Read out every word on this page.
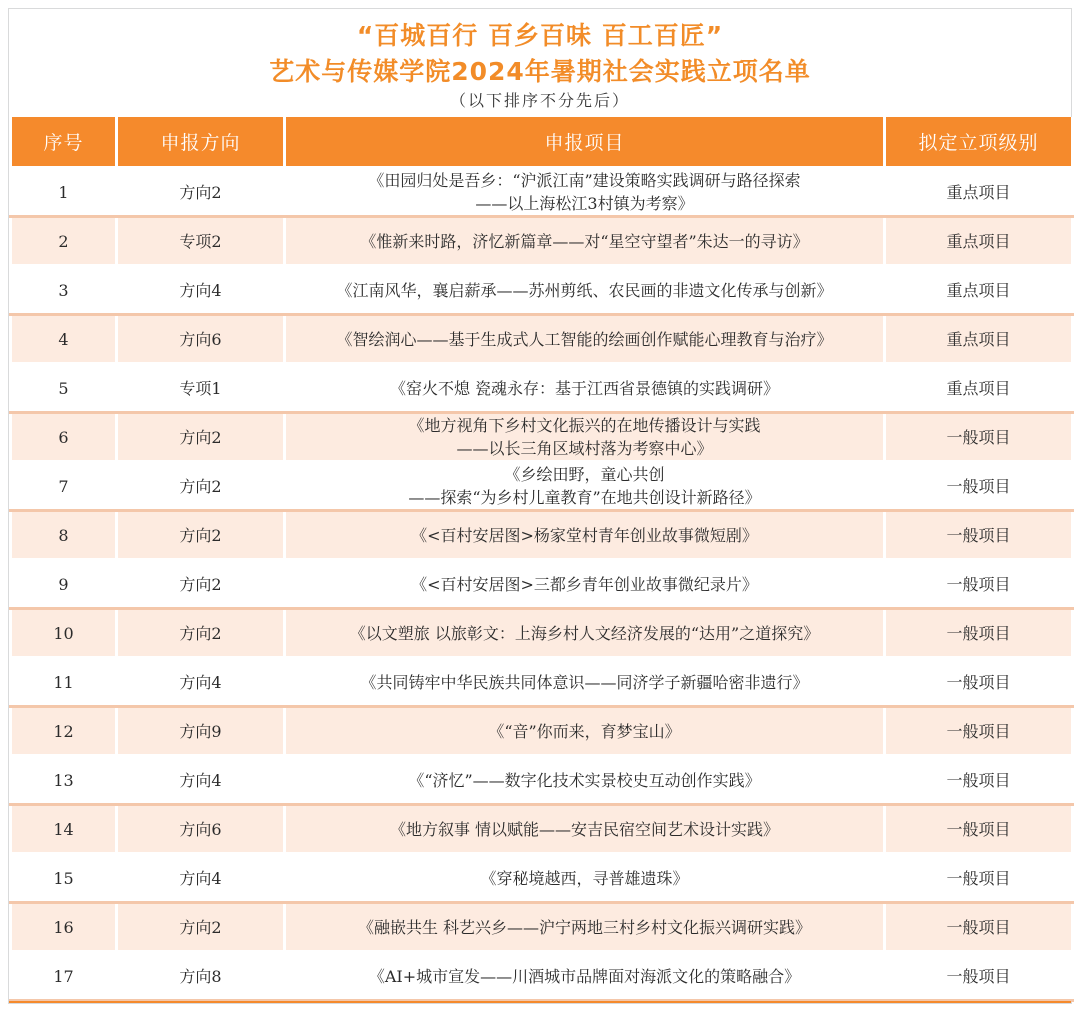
“百城百行 百乡百味 百工百匠”
艺术与传媒学院2024年暑期社会实践立项名单
（以下排序不分先后）
序号	申报方向	申报项目	拟定立项级别
1	方向2	《田园归处是吾乡：“沪派江南”建设策略实践调研与路径探索
——以上海松江3村镇为考察》	重点项目
2	专项2	《惟新来时路，济忆新篇章——对“星空守望者”朱达一的寻访》	重点项目
3	方向4	《江南风华，襄启薪承——苏州剪纸、农民画的非遗文化传承与创新》	重点项目
4	方向6	《智绘润心——基于生成式人工智能的绘画创作赋能心理教育与治疗》	重点项目
5	专项1	《窑火不熄 瓷魂永存：基于江西省景德镇的实践调研》	重点项目
6	方向2	《地方视角下乡村文化振兴的在地传播设计与实践
——以长三角区域村落为考察中心》	一般项目
7	方向2	《乡绘田野，童心共创
——探索“为乡村儿童教育”在地共创设计新路径》	一般项目
8	方向2	《<百村安居图>杨家堂村青年创业故事微短剧》	一般项目
9	方向2	《<百村安居图>三都乡青年创业故事微纪录片》	一般项目
10	方向2	《以文塑旅 以旅彰文：上海乡村人文经济发展的“达用”之道探究》	一般项目
11	方向4	《共同铸牢中华民族共同体意识——同济学子新疆哈密非遗行》	一般项目
12	方向9	《“音”你而来，育梦宝山》	一般项目
13	方向4	《“济忆”——数字化技术实景校史互动创作实践》	一般项目
14	方向6	《地方叙事 情以赋能——安吉民宿空间艺术设计实践》	一般项目
15	方向4	《穿秘境越西，寻普雄遗珠》	一般项目
16	方向2	《融嵌共生 科艺兴乡——沪宁两地三村乡村文化振兴调研实践》	一般项目
17	方向8	《AI+城市宣发——川酒城市品牌面对海派文化的策略融合》	一般项目
